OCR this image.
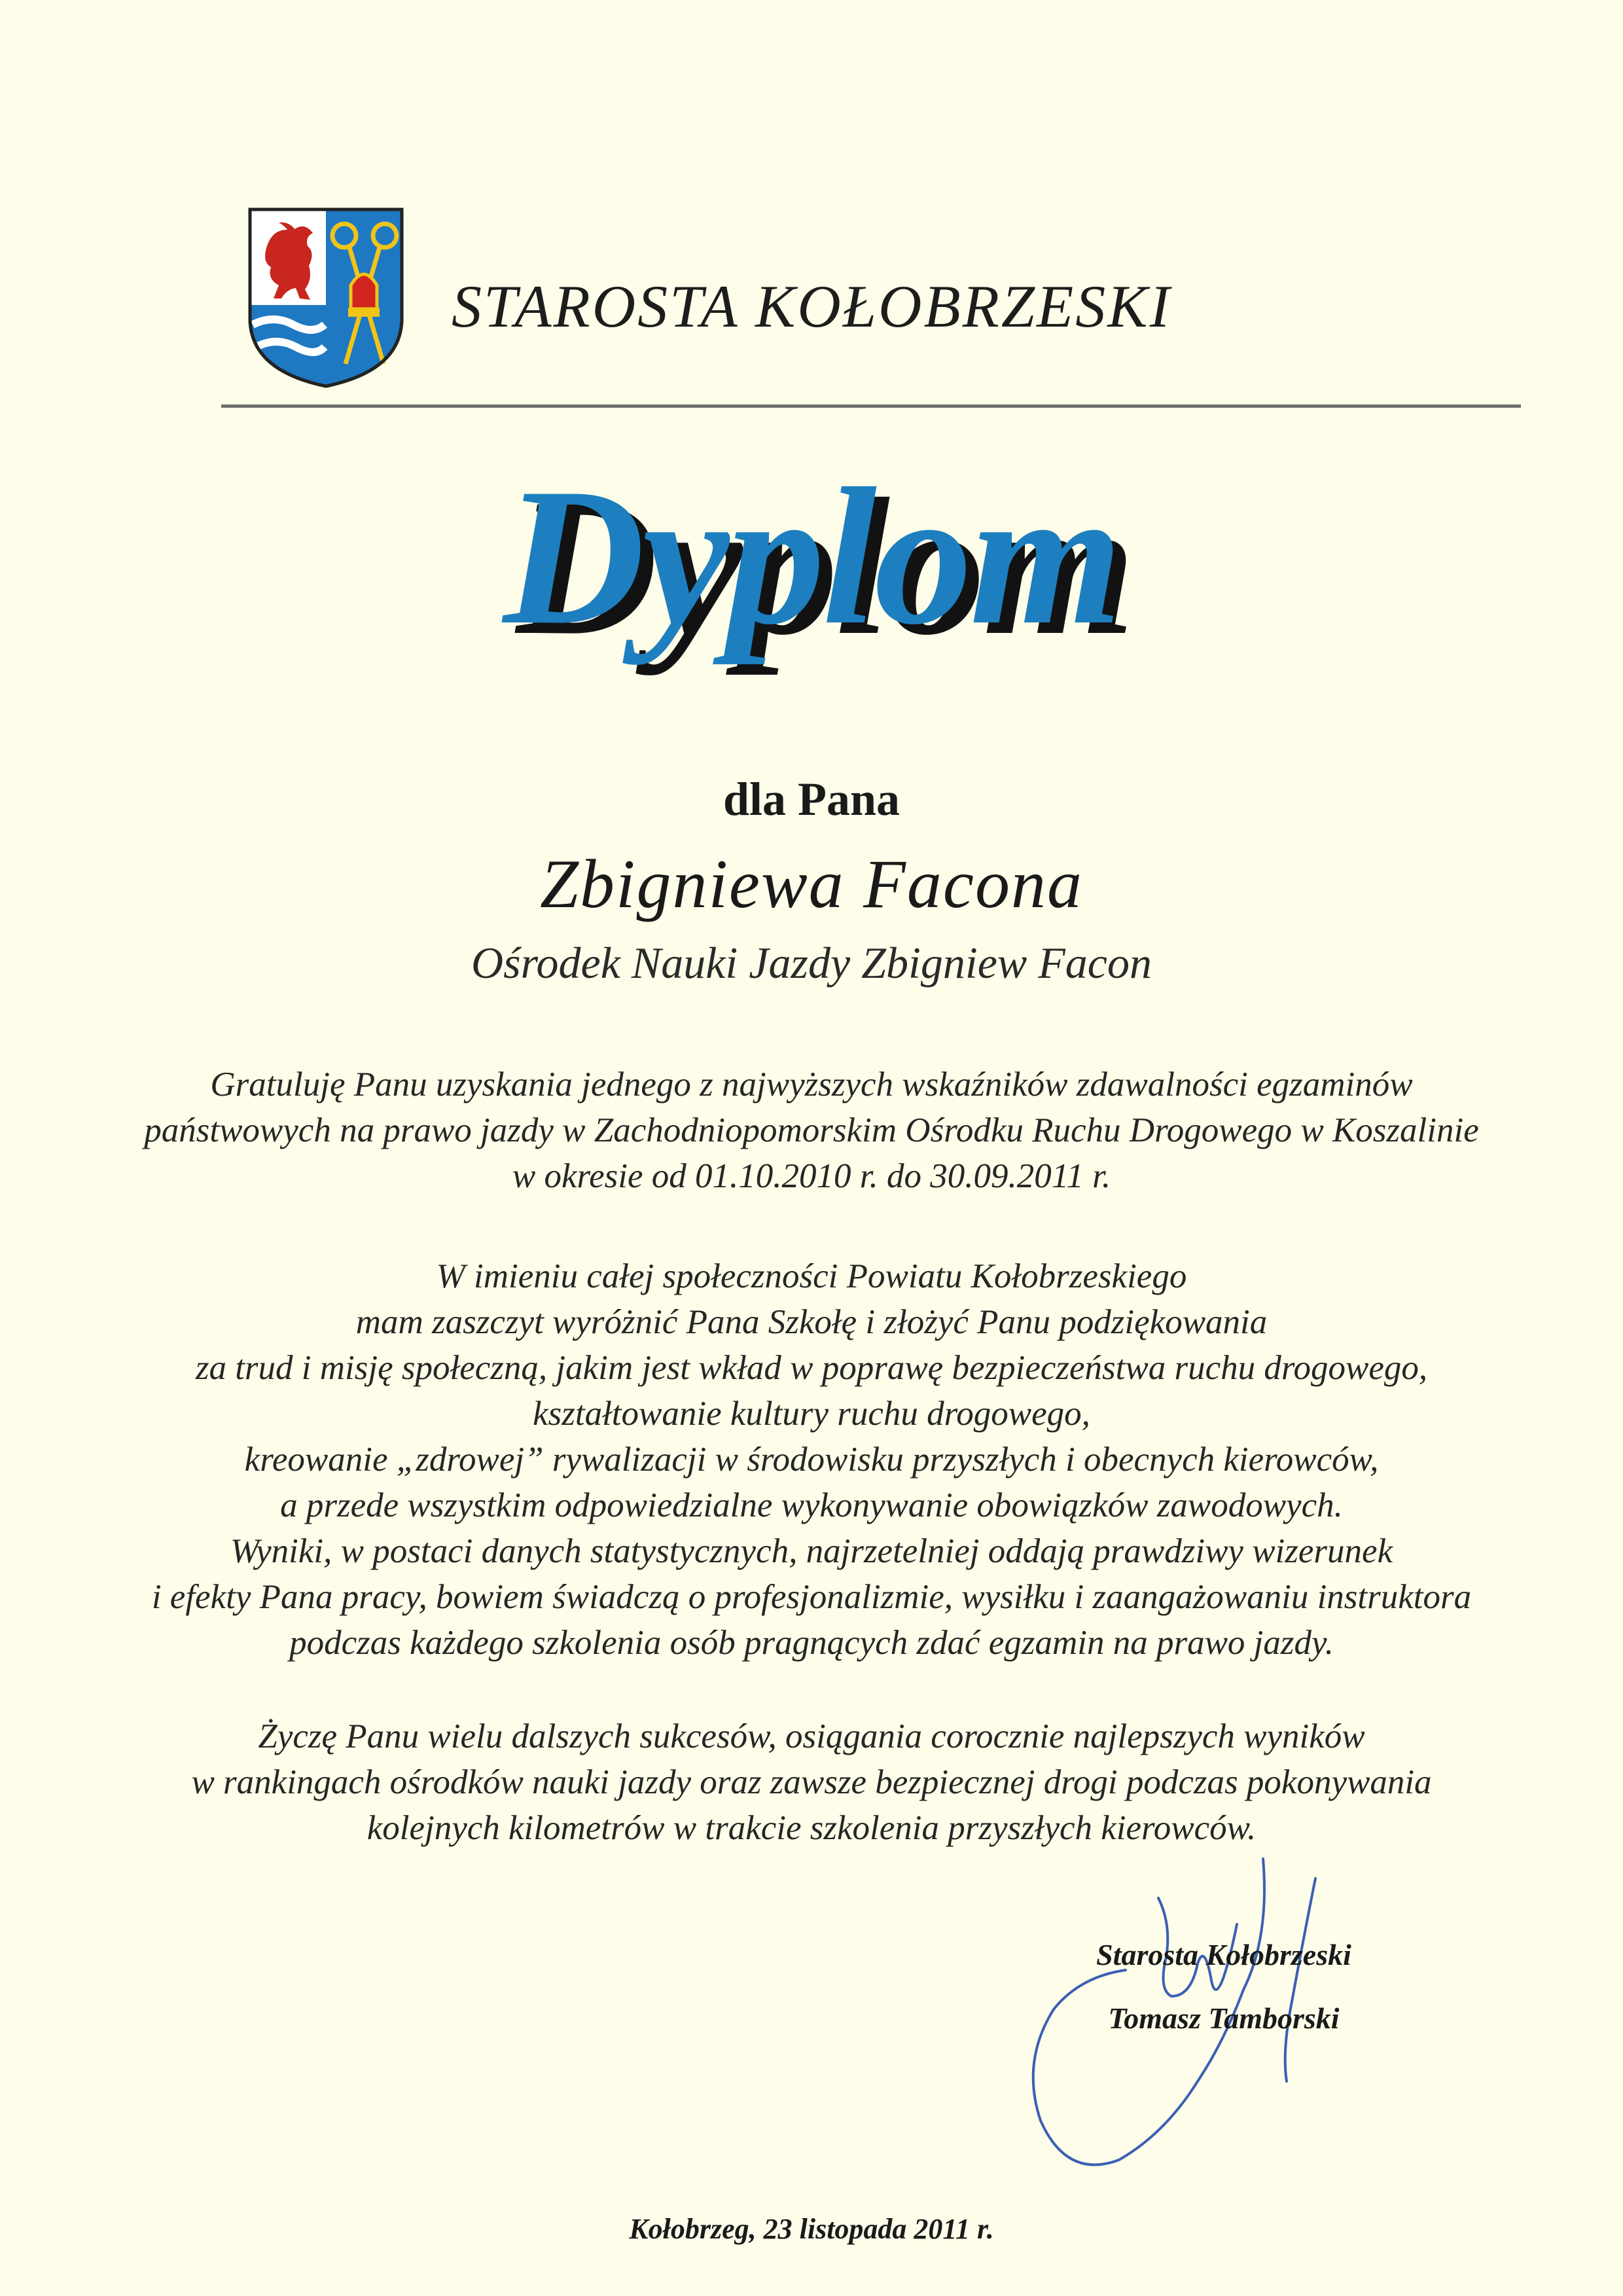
STAROSTA KOŁOBRZESKI
Dyplom
dla Pana
Zbigniewa Facona
Ośrodek Nauki Jazdy Zbigniew Facon
Gratuluję Panu uzyskania jednego z najwyższych wskaźników zdawalności egzaminów
państwowych na prawo jazdy w Zachodniopomorskim Ośrodku Ruchu Drogowego w Koszalinie
w okresie od 01.10.2010 r. do 30.09.2011 r.
W imieniu całej społeczności Powiatu Kołobrzeskiego
mam zaszczyt wyróżnić Pana Szkołę i złożyć Panu podziękowania
za trud i misję społeczną, jakim jest wkład w poprawę bezpieczeństwa ruchu drogowego,
kształtowanie kultury ruchu drogowego,
kreowanie „zdrowej” rywalizacji w środowisku przyszłych i obecnych kierowców,
a przede wszystkim odpowiedzialne wykonywanie obowiązków zawodowych.
Wyniki, w postaci danych statystycznych, najrzetelniej oddają prawdziwy wizerunek
i efekty Pana pracy, bowiem świadczą o profesjonalizmie, wysiłku i zaangażowaniu instruktora
podczas każdego szkolenia osób pragnących zdać egzamin na prawo jazdy.
Życzę Panu wielu dalszych sukcesów, osiągania corocznie najlepszych wyników
w rankingach ośrodków nauki jazdy oraz zawsze bezpiecznej drogi podczas pokonywania
kolejnych kilometrów w trakcie szkolenia przyszłych kierowców.
Starosta Kołobrzeski
Tomasz Tamborski
Kołobrzeg, 23 listopada 2011 r.
